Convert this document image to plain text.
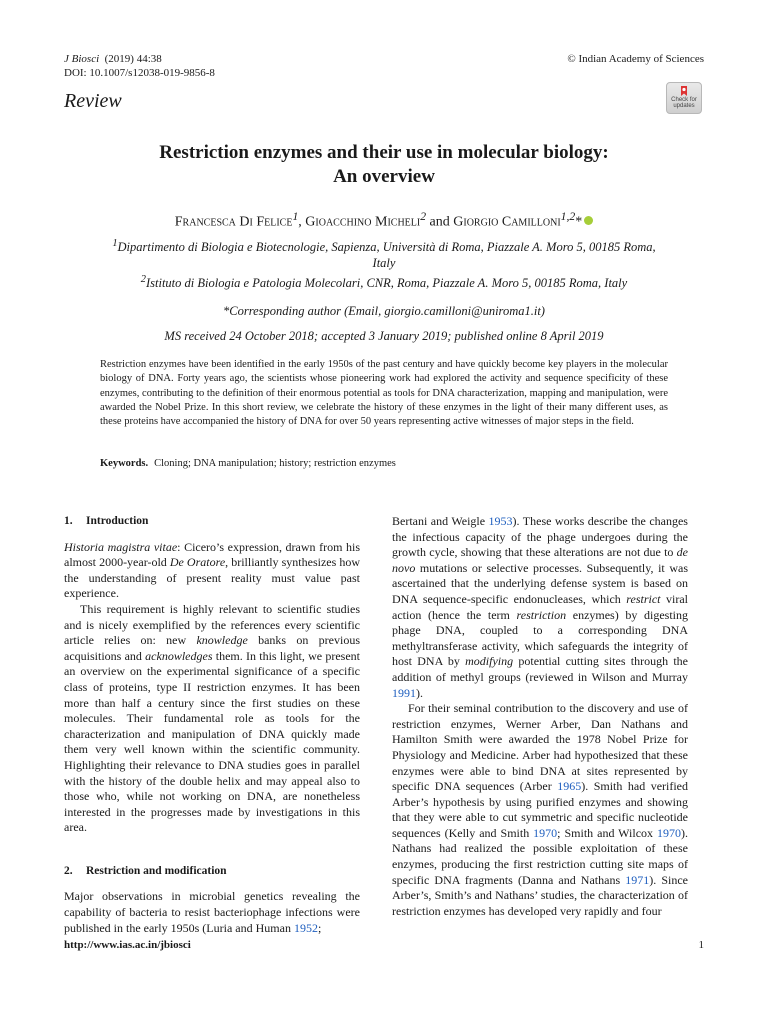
J Biosci (2019) 44:38
DOI: 10.1007/s12038-019-9856-8
© Indian Academy of Sciences
Review	Check for
updates
Restriction enzymes and their use in molecular biology:
An overview
Francesca Di Felice$^1$, Gioacchino Micheli$^2$ and Giorgio Camilloni$^{1,2}$*
$^1$Dipartimento di Biologia e Biotecnologie, Sapienza, Università di Roma, Piazzale A. Moro 5, 00185 Roma, Italy
$^2$Istituto di Biologia e Patologia Molecolari, CNR, Roma, Piazzale A. Moro 5, 00185 Roma, Italy
*Corresponding author (Email, giorgio.camilloni@uniroma1.it)
MS received 24 October 2018; accepted 3 January 2019; published online 8 April 2019
Restriction enzymes have been identified in the early 1950s of the past century and have quickly become key players in the molecular biology of DNA. Forty years ago, the scientists whose pioneering work had explored the activity and sequence specificity of these enzymes, contributing to the definition of their enormous potential as tools for DNA characterization, mapping and manipulation, were awarded the Nobel Prize. In this short review, we celebrate the history of these enzymes in the light of their many different uses, as these proteins have accompanied the history of DNA for over 50 years representing active witnesses of major steps in the field.
Keywords. Cloning; DNA manipulation; history; restriction enzymes
1. Introduction

Historia magistra vitae: Cicero’s expression, drawn from his almost 2000-year-old De Oratore, brilliantly synthesizes how the understanding of present reality must value past experience.

This requirement is highly relevant to scientific studies and is nicely exemplified by the references every scientific article relies on: new knowledge banks on previous acquisitions and acknowledges them. In this light, we present an overview on the experimental significance of a specific class of proteins, type II restriction enzymes. It has been more than half a century since the first studies on these molecules. Their fundamental role as tools for the characterization and manipulation of DNA quickly made them very well known within the scientific community. Highlighting their relevance to DNA studies goes in parallel with the history of the double helix and may appeal also to those who, while not working on DNA, are nonetheless interested in the progresses made by investigations in this area.

2. Restriction and modification

Major observations in microbial genetics revealing the capability of bacteria to resist bacteriophage infections were published in the early 1950s (Luria and Human 1952;

Bertani and Weigle 1953). These works describe the changes the infectious capacity of the phage undergoes during the growth cycle, showing that these alterations are not due to de novo mutations or selective processes. Subsequently, it was ascertained that the underlying defense system is based on DNA sequence-specific endonucleases, which restrict viral action (hence the term restriction enzymes) by digesting phage DNA, coupled to a corresponding DNA methyltransferase activity, which safeguards the integrity of host DNA by modifying potential cutting sites through the addition of methyl groups (reviewed in Wilson and Murray 1991).

For their seminal contribution to the discovery and use of restriction enzymes, Werner Arber, Dan Nathans and Hamilton Smith were awarded the 1978 Nobel Prize for Physiology and Medicine. Arber had hypothesized that these enzymes were able to bind DNA at sites represented by specific DNA sequences (Arber 1965). Smith had verified Arber’s hypothesis by using purified enzymes and showing that they were able to cut symmetric and specific nucleotide sequences (Kelly and Smith 1970; Smith and Wilcox 1970). Nathans had realized the possible exploitation of these enzymes, producing the first restriction cutting site maps of specific DNA fragments (Danna and Nathans 1971). Since Arber’s, Smith’s and Nathans’ studies, the characterization of restriction enzymes has developed very rapidly and four

http://www.ias.ac.in/jbiosci	1
